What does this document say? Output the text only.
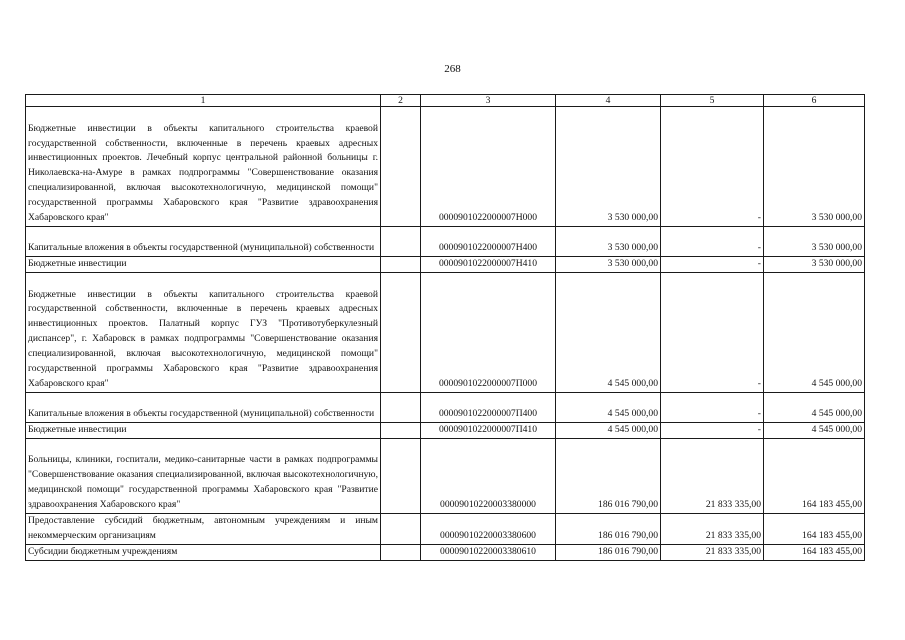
268
1	2	3	4	5	6
Бюджетные инвестиции в объекты капитального строительства краевой государственной собственности, включенные в перечень краевых адресных инвестиционных проектов. Лечебный корпус центральной районной больницы г. Николаевска-на-Амуре в рамках подпрограммы "Совершенствование оказания специализированной, включая высокотехнологичную, медицинской помощи" государственной программы Хабаровского края "Развитие здравоохранения Хабаровского края"		0000901022000007Н000	3 530 000,00	-	3 530 000,00
Капитальные вложения в объекты государственной (муниципальной) собственности		0000901022000007Н400	3 530 000,00	-	3 530 000,00
Бюджетные инвестиции		0000901022000007Н410	3 530 000,00	-	3 530 000,00
Бюджетные инвестиции в объекты капитального строительства краевой государственной собственности, включенные в перечень краевых адресных инвестиционных проектов. Палатный корпус ГУЗ "Противотуберкулезный диспансер", г. Хабаровск в рамках подпрограммы "Совершенствование оказания специализированной, включая высокотехнологичную, медицинской помощи" государственной программы Хабаровского края "Развитие здравоохранения Хабаровского края"		0000901022000007П000	4 545 000,00	-	4 545 000,00
Капитальные вложения в объекты государственной (муниципальной) собственности		0000901022000007П400	4 545 000,00	-	4 545 000,00
Бюджетные инвестиции		0000901022000007П410	4 545 000,00	-	4 545 000,00
Больницы, клиники, госпитали, медико-санитарные части в рамках подпрограммы "Совершенствование оказания специализированной, включая высокотехнологичную, медицинской помощи" государственной программы Хабаровского края "Развитие здравоохранения Хабаровского края"		00009010220003380000	186 016 790,00	21 833 335,00	164 183 455,00
Предоставление субсидий бюджетным, автономным учреждениям и иным некоммерческим организациям		00009010220003380600	186 016 790,00	21 833 335,00	164 183 455,00
Субсидии бюджетным учреждениям		00009010220003380610	186 016 790,00	21 833 335,00	164 183 455,00
